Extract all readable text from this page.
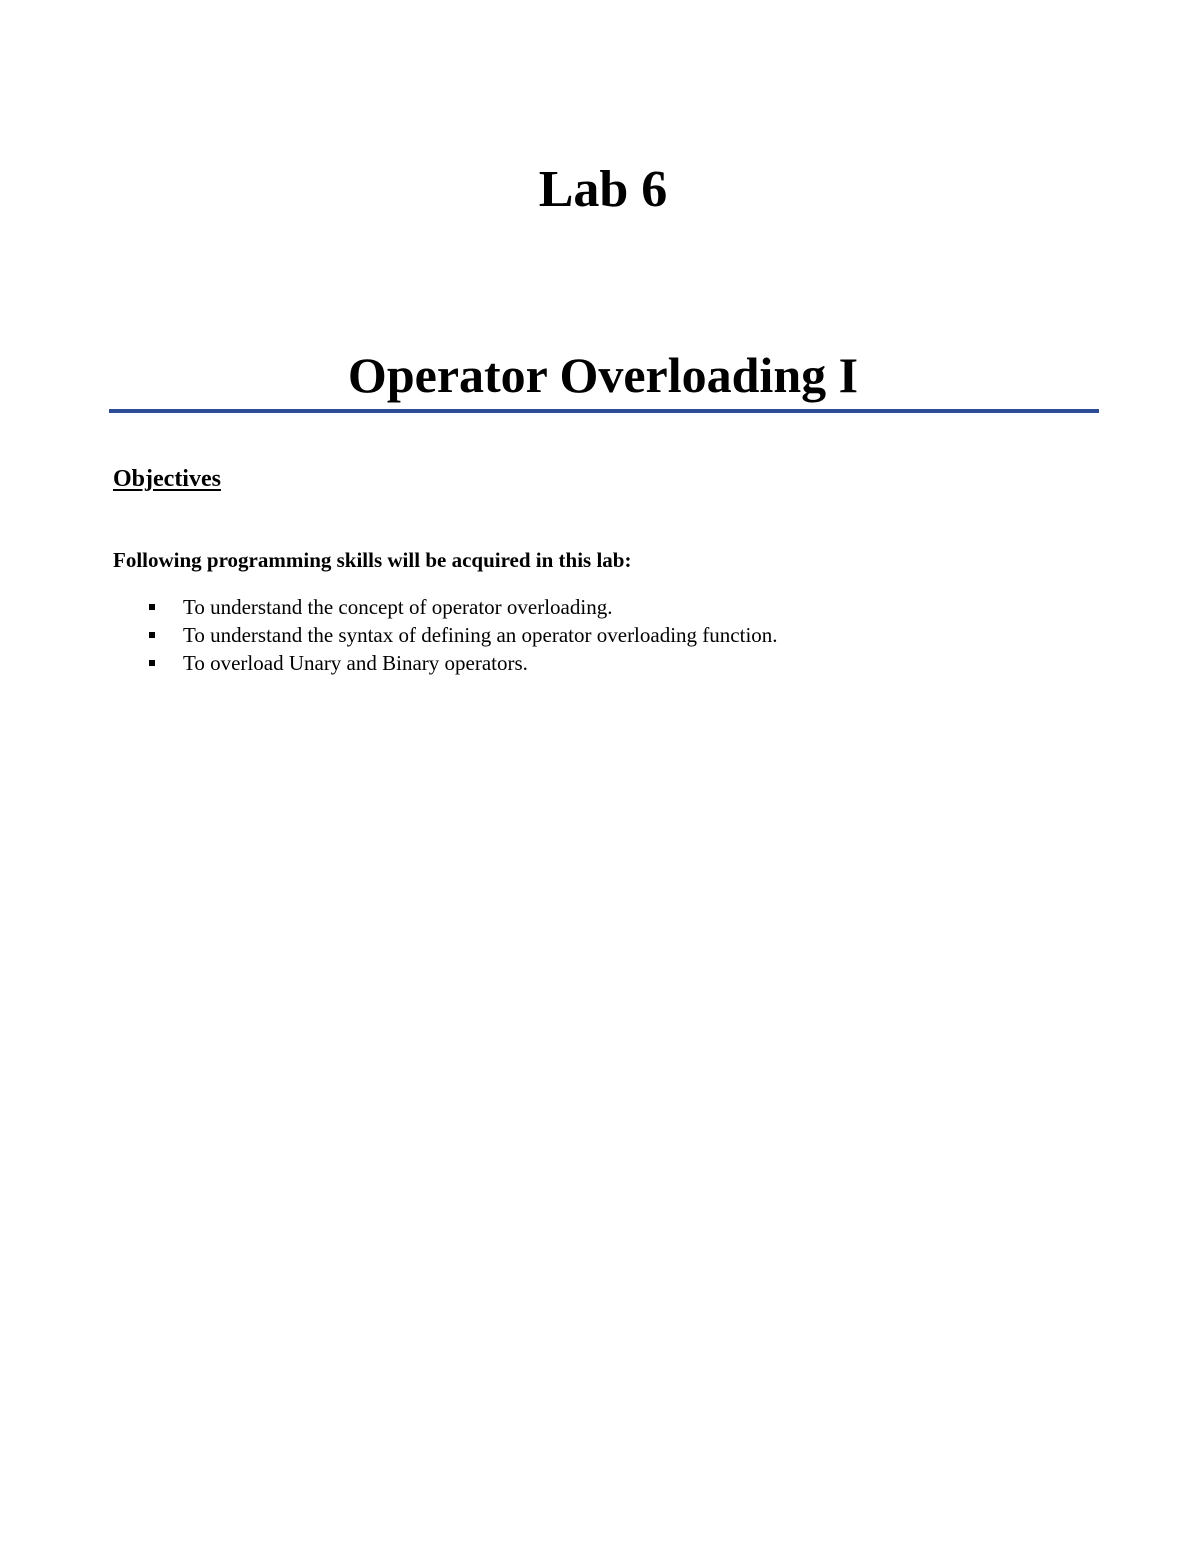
Lab 6
Operator Overloading I
Objectives

Following programming skills will be acquired in this lab:

To understand the concept of operator overloading.
To understand the syntax of defining an operator overloading function.
To overload Unary and Binary operators.
